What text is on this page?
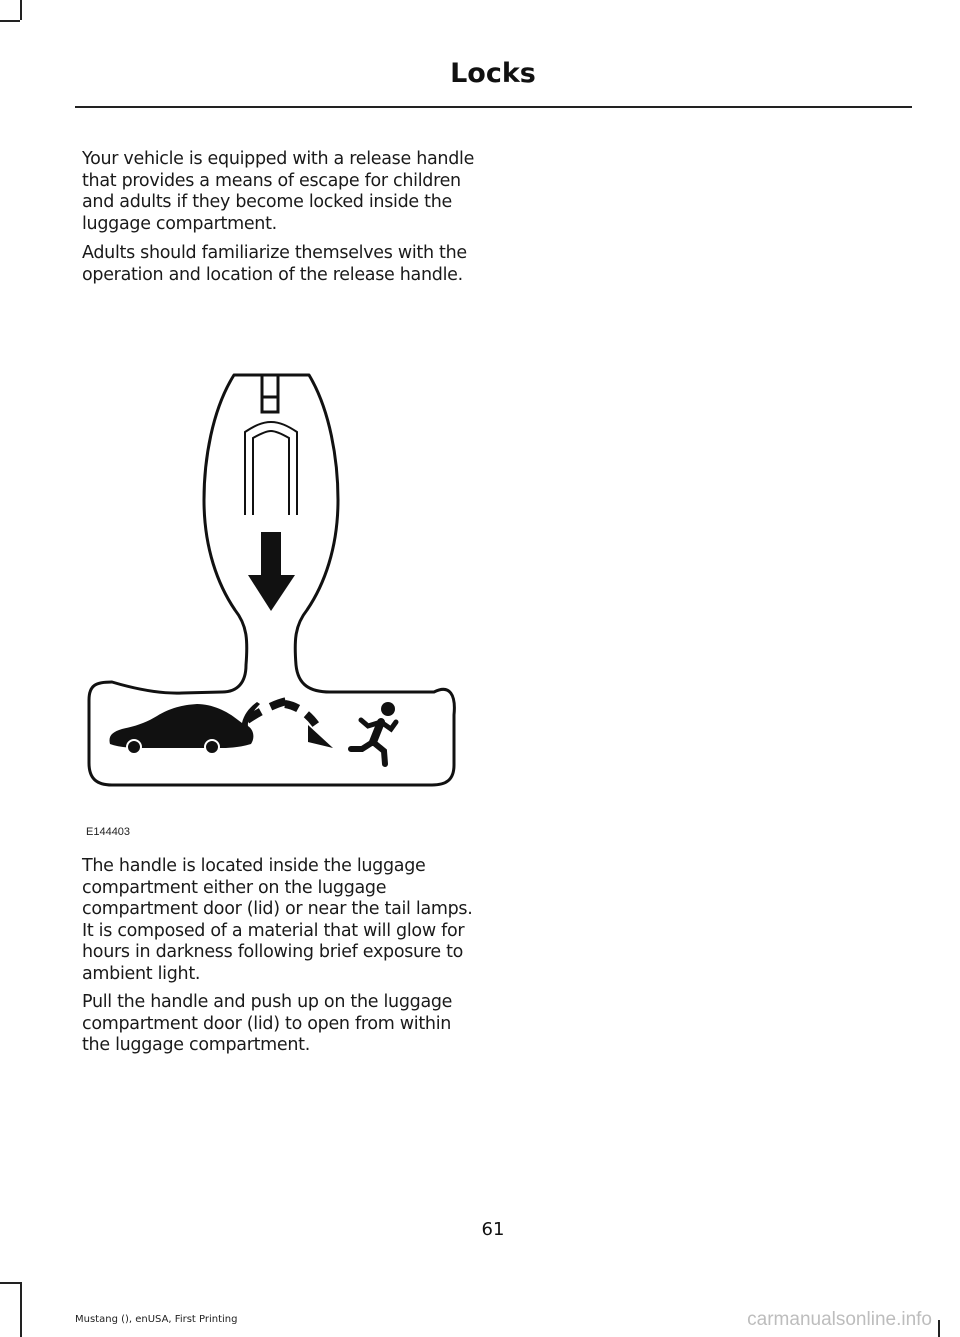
Locks

Your vehicle is equipped with a release handle that provides a means of escape for children and adults if they become locked inside the luggage compartment.

Adults should familiarize themselves with the operation and location of the release handle.

E144403

The handle is located inside the luggage compartment either on the luggage compartment door (lid) or near the tail lamps. It is composed of a material that will glow for hours in darkness following brief exposure to ambient light.

Pull the handle and push up on the luggage compartment door (lid) to open from within the luggage compartment.

61
Mustang (), enUSA, First Printing	carmanualsonline.info
